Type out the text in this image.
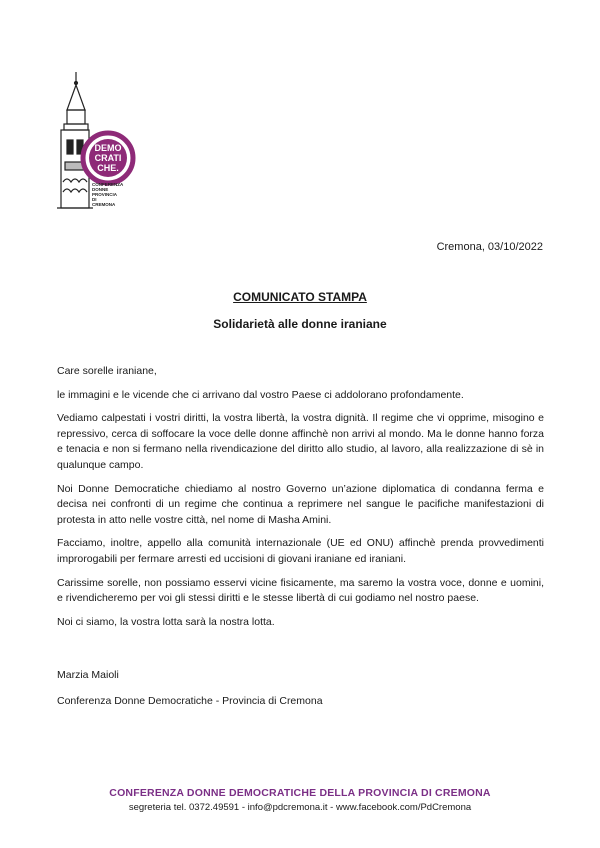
DEMO
CRATI
CHE.
CONFERENZA
DONNE
PROVINCIA
DI
CREMONA
Cremona, 03/10/2022
COMUNICATO STAMPA
Solidarietà alle donne iraniane

Care sorelle iraniane,

le immagini e le vicende che ci arrivano dal vostro Paese ci addolorano profondamente.

Vediamo calpestati i vostri diritti, la vostra libertà, la vostra dignità. Il regime che vi opprime, misogino e repressivo, cerca di soffocare la voce delle donne affinchè non arrivi al mondo. Ma le donne hanno forza e tenacia e non si fermano nella rivendicazione del diritto allo studio, al lavoro, alla realizzazione di sè in qualunque campo.

Noi Donne Democratiche chiediamo al nostro Governo un’azione diplomatica di condanna ferma e decisa nei confronti di un regime che continua a reprimere nel sangue le pacifiche manifestazioni di protesta in atto nelle vostre città, nel nome di Masha Amini.

Facciamo, inoltre, appello alla comunità internazionale (UE ed ONU) affinchè prenda provvedimenti improrogabili per fermare arresti ed uccisioni di giovani iraniane ed iraniani.

Carissime sorelle, non possiamo esservi vicine fisicamente, ma saremo la vostra voce, donne e uomini, e rivendicheremo per voi gli stessi diritti e le stesse libertà di cui godiamo nel nostro paese.

Noi ci siamo, la vostra lotta sarà la nostra lotta.

Marzia Maioli

Conferenza Donne Democratiche - Provincia di Cremona

CONFERENZA DONNE DEMOCRATICHE DELLA PROVINCIA DI CREMONA
segreteria tel. 0372.49591 - info@pdcremona.it - www.facebook.com/PdCremona
